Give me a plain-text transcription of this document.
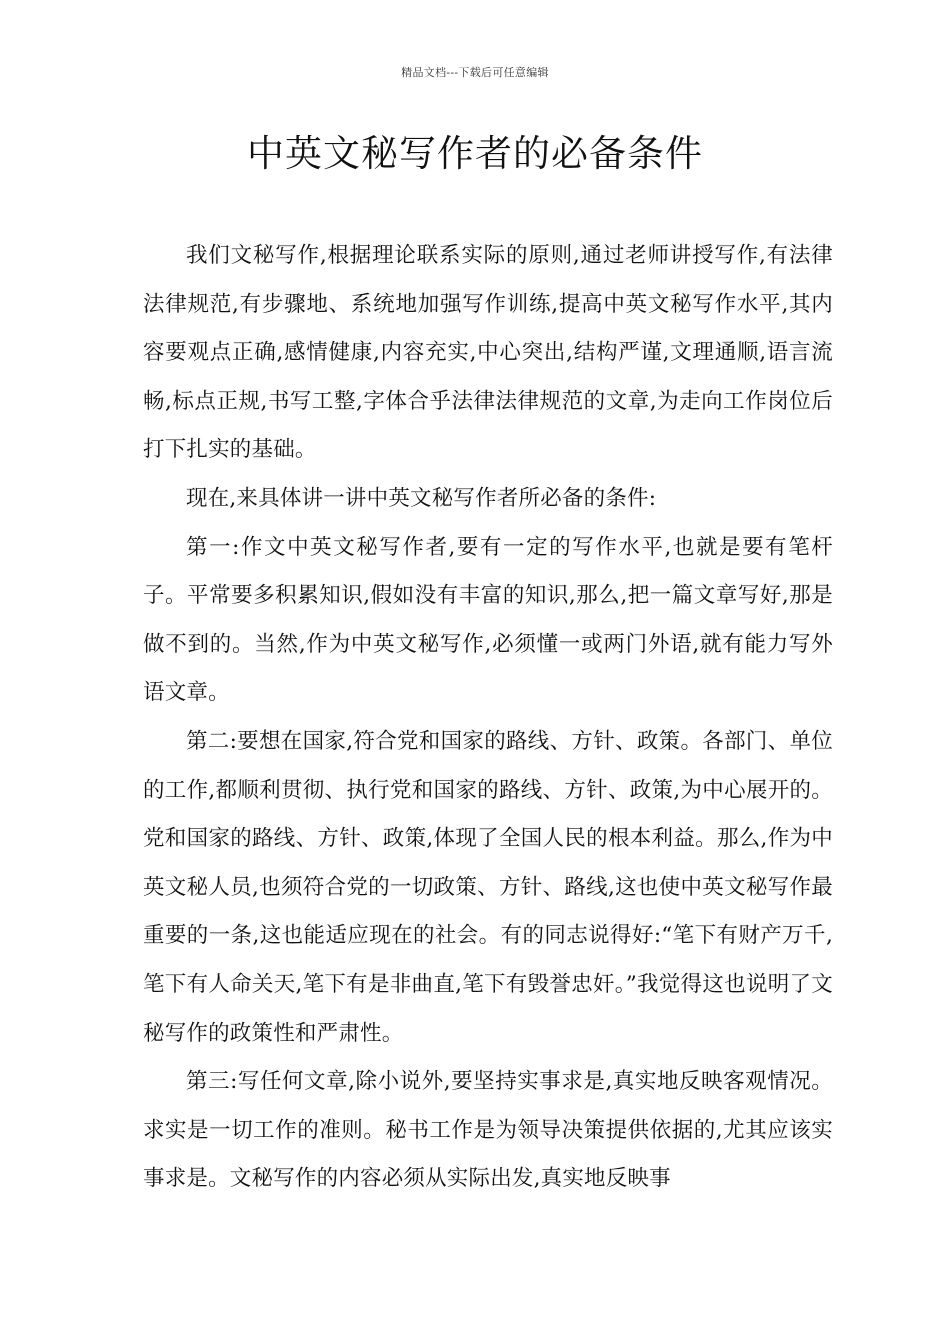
精品文档---下载后可任意编辑
中英文秘写作者的必备条件

我们文秘写作,根据理论联系实际的原则,通过老师讲授写作,有法律法律规范,有步骤地、系统地加强写作训练,提高中英文秘写作水平,其内容要观点正确,感情健康,内容充实,中心突出,结构严谨,文理通顺,语言流畅,标点正规,书写工整,字体合乎法律法律规范的文章,为走向工作岗位后打下扎实的基础。

现在,来具体讲一讲中英文秘写作者所必备的条件:

第一:作文中英文秘写作者,要有一定的写作水平,也就是要有笔杆子。平常要多积累知识,假如没有丰富的知识,那么,把一篇文章写好,那是做不到的。当然,作为中英文秘写作,必须懂一或两门外语,就有能力写外语文章。

第二:要想在国家,符合党和国家的路线、方针、政策。各部门、单位的工作,都顺利贯彻、执行党和国家的路线、方针、政策,为中心展开的。党和国家的路线、方针、政策,体现了全国人民的根本利益。那么,作为中英文秘人员,也须符合党的一切政策、方针、路线,这也使中英文秘写作最重要的一条,这也能适应现在的社会。有的同志说得好:“笔下有财产万千,笔下有人命关天,笔下有是非曲直,笔下有毁誉忠奸。”我觉得这也说明了文秘写作的政策性和严肃性。

第三:写任何文章,除小说外,要坚持实事求是,真实地反映客观情况。求实是一切工作的准则。秘书工作是为领导决策提供依据的,尤其应该实事求是。文秘写作的内容必须从实际出发,真实地反映事
